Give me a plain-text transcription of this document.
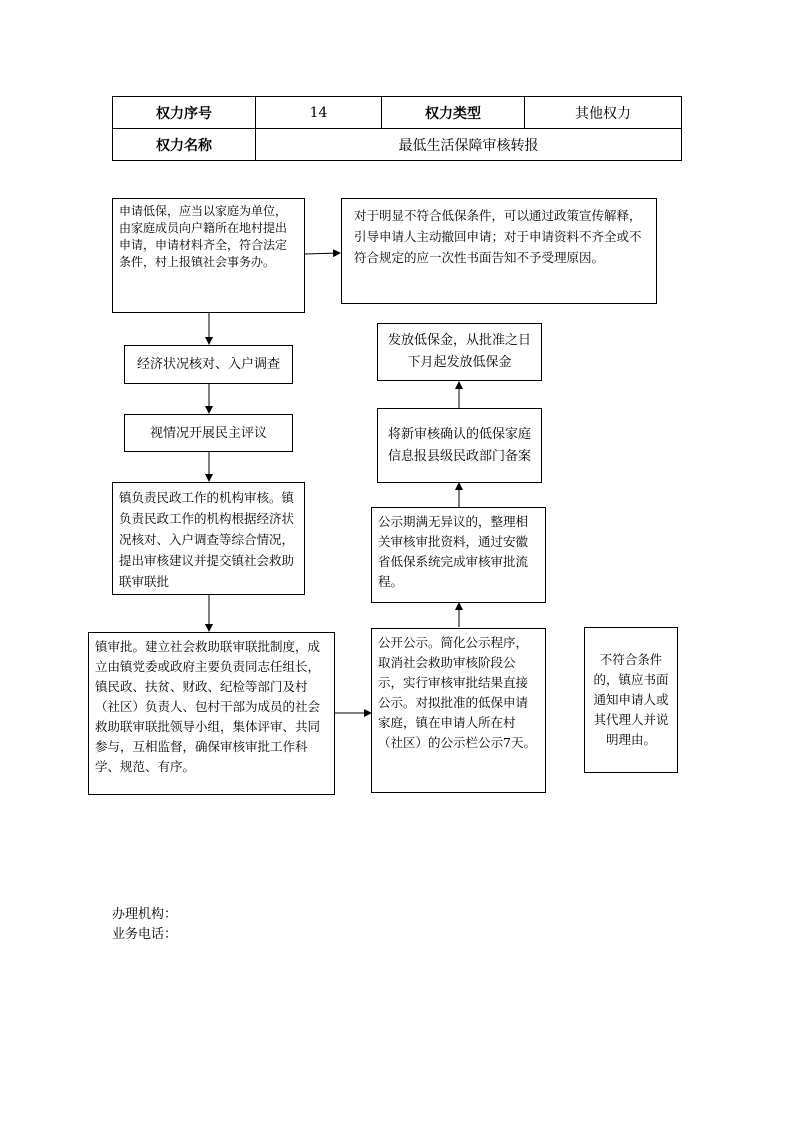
权力序号	14	权力类型	其他权力
权力名称	最低生活保障审核转报		
申请低保，应当以家庭为单位，由家庭成员向户籍所在地村提出申请，申请材料齐全，符合法定条件，村上报镇社会事务办。
对于明显不符合低保条件，可以通过政策宣传解释，引导申请人主动撤回申请；对于申请资料不齐全或不符合规定的应一次性书面告知不予受理原因。
经济状况核对、入户调查
视情况开展民主评议
镇负责民政工作的机构审核。镇负责民政工作的机构根据经济状况核对、入户调查等综合情况，提出审核建议并提交镇社会救助联审联批
镇审批。建立社会救助联审联批制度，成立由镇党委或政府主要负责同志任组长，镇民政、扶贫、财政、纪检等部门及村（社区）负责人、包村干部为成员的社会救助联审联批领导小组，集体评审、共同参与，互相监督，确保审核审批工作科学、规范、有序。
公开公示。简化公示程序，取消社会救助审核阶段公示，实行审核审批结果直接公示。对拟批准的低保申请家庭，镇在申请人所在村（社区）的公示栏公示7天。
不符合条件的，镇应书面通知申请人或其代理人并说明理由。
公示期满无异议的，整理相关审核审批资料，通过安徽省低保系统完成审核审批流程。
将新审核确认的低保家庭信息报县级民政部门备案
发放低保金，从批准之日下月起发放低保金
办理机构：
业务电话：
